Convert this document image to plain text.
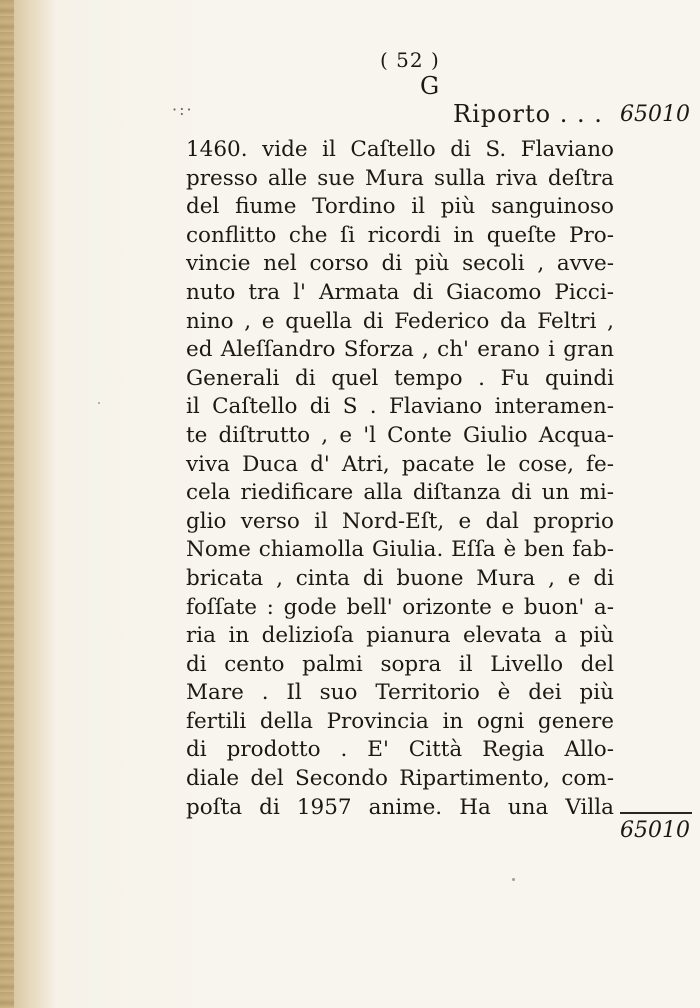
( 52 )
G
·:·	Riporto . . . 65010
1460. vide il Caſtello di S. Flaviano
presso alle sue Mura sulla riva deſtra
del fiume Tordino il più sanguinoso
conflitto che ſi ricordi in queſte Pro-
vincie nel corso di più secoli , avve-
nuto tra l' Armata di Giacomo Picci-
nino , e quella di Federico da Feltri ,
ed Aleſſandro Sforza , ch' erano i gran
Generali di quel tempo . Fu quindi
il Caſtello di S . Flaviano interamen-
te diſtrutto , e 'l Conte Giulio Acqua-
viva Duca d' Atri, pacate le cose, fe-
cela riedificare alla diſtanza di un mi-
glio verso il Nord-Eſt, e dal proprio
Nome chiamolla Giulia. Eſſa è ben fab-
bricata , cinta di buone Mura , e di
foſſate : gode bell' orizonte e buon' a-
ria in delizioſa pianura elevata a più
di cento palmi sopra il Livello del
Mare . Il suo Territorio è dei più
fertili della Provincia in ogni genere
di prodotto . E' Città Regia Allo-
diale del Secondo Ripartimento, com-
poſta di 1957 anime. Ha una Villa
65010
